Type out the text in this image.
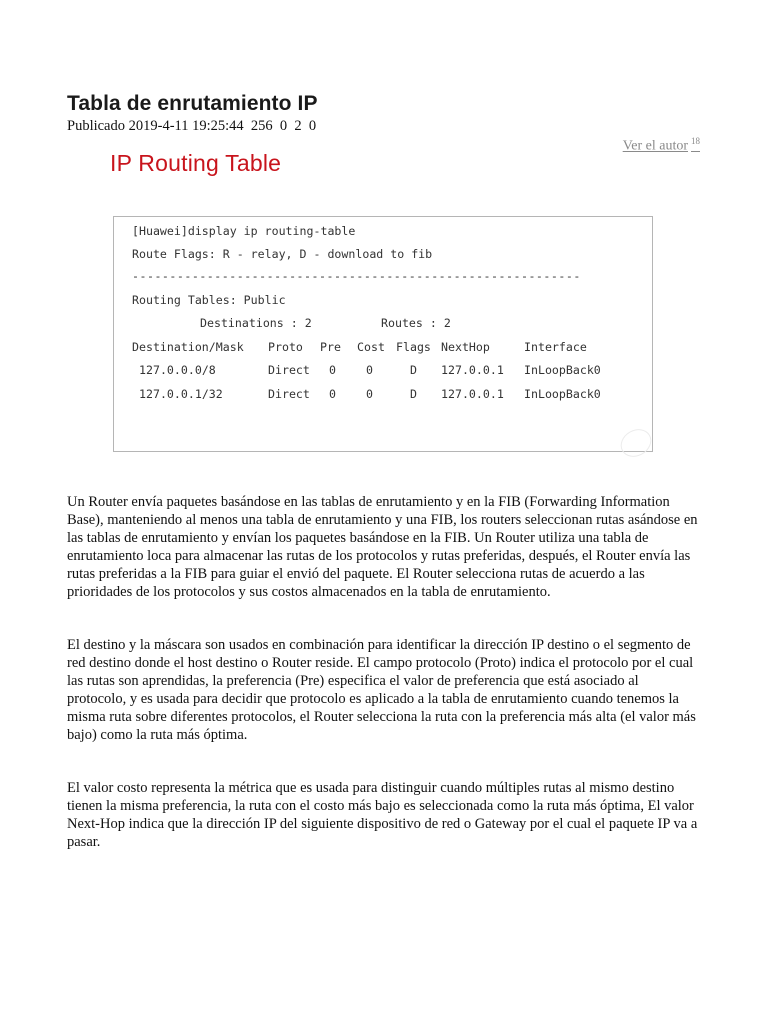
Tabla de enrutamiento IP
Publicado 2019-4-11 19:25:44  256  0  2  0
Ver el autor $^{18}$
IP Routing Table
[Huawei]display ip routing-table
Route Flags: R - relay, D - download to fib
------------------------------------------------------------
Routing Tables: Public
Destinations : 2	Routes : 2
Destination/Mask Proto Pre Cost Flags NextHop	Interface
127.0.0.0/8	Direct 0	0	D 127.0.0.1 InLoopBack0
127.0.0.1/32	Direct 0	0	D 127.0.0.1 InLoopBack0

Un Router envía paquetes basándose en las tablas de enrutamiento y en la FIB (Forwarding Information Base), manteniendo al menos una tabla de enrutamiento y una FIB, los routers seleccionan rutas asándose en las tablas de enrutamiento y envían los paquetes basándose en la FIB. Un Router utiliza una tabla de enrutamiento loca para almacenar las rutas de los protocolos y rutas preferidas, después, el Router envía las rutas preferidas a la FIB para guiar el envió del paquete. El Router selecciona rutas de acuerdo a las prioridades de los protocolos y sus costos almacenados en la tabla de enrutamiento.

El destino y la máscara son usados en combinación para identificar la dirección IP destino o el segmento de red destino donde el host destino o Router reside. El campo protocolo (Proto) indica el protocolo por el cual las rutas son aprendidas, la preferencia (Pre) especifica el valor de preferencia que está asociado al protocolo, y es usada para decidir que protocolo es aplicado a la tabla de enrutamiento cuando tenemos la misma ruta sobre diferentes protocolos, el Router selecciona la ruta con la preferencia más alta (el valor más bajo) como la ruta más óptima.

El valor costo representa la métrica que es usada para distinguir cuando múltiples rutas al mismo destino tienen la misma preferencia, la ruta con el costo más bajo es seleccionada como la ruta más óptima, El valor Next-Hop indica que la dirección IP del siguiente dispositivo de red o Gateway por el cual el paquete IP va a pasar.
